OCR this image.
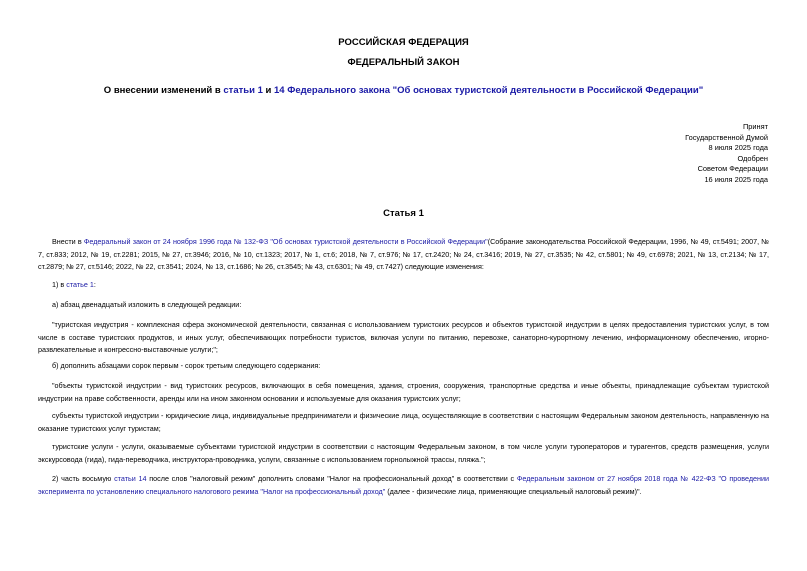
РОССИЙСКАЯ ФЕДЕРАЦИЯ
ФЕДЕРАЛЬНЫЙ ЗАКОН
О внесении изменений в статьи 1 и 14 Федерального закона "Об основах туристской деятельности в Российской Федерации"
Принят
Государственной Думой
8 июля 2025 года
Одобрен
Советом Федерации
16 июля 2025 года
Статья 1
Внести в Федеральный закон от 24 ноября 1996 года № 132-ФЗ "Об основах туристской деятельности в Российской Федерации"(Собрание законодательства Российской Федерации, 1996, № 49, ст.5491; 2007, № 7, ст.833; 2012, № 19, ст.2281; 2015, № 27, ст.3946; 2016, № 10, ст.1323; 2017, № 1, ст.6; 2018, № 7, ст.976; № 17, ст.2420; № 24, ст.3416; 2019, № 27, ст.3535; № 42, ст.5801; № 49, ст.6978; 2021, № 13, ст.2134; № 17, ст.2879; № 27, ст.5146; 2022, № 22, ст.3541; 2024, № 13, ст.1686; № 26, ст.3545; № 43, ст.6301; № 49, ст.7427) следующие изменения:
1) в статье 1:
а) абзац двенадцатый изложить в следующей редакции:
"туристская индустрия - комплексная сфера экономической деятельности, связанная с использованием туристских ресурсов и объектов туристской индустрии в целях предоставления туристских услуг, в том числе в составе туристских продуктов, и иных услуг, обеспечивающих потребности туристов, включая услуги по питанию, перевозке, санаторно-курортному лечению, информационному обеспечению, игорно-развлекательные и конгрессно-выставочные услуги;";
б) дополнить абзацами сорок первым - сорок третьим следующего содержания:
"объекты туристской индустрии - вид туристских ресурсов, включающих в себя помещения, здания, строения, сооружения, транспортные средства и иные объекты, принадлежащие субъектам туристской индустрии на праве собственности, аренды или на ином законном основании и используемые для оказания туристских услуг;
субъекты туристской индустрии - юридические лица, индивидуальные предприниматели и физические лица, осуществляющие в соответствии с настоящим Федеральным законом деятельность, направленную на оказание туристских услуг туристам;
туристские услуги - услуги, оказываемые субъектами туристской индустрии в соответствии с настоящим Федеральным законом, в том числе услуги туроператоров и турагентов, средств размещения, услуги экскурсовода (гида), гида-переводчика, инструктора-проводника, услуги, связанные с использованием горнолыжной трассы, пляжа.";
2) часть восьмую статьи 14 после слов "налоговый режим" дополнить словами "Налог на профессиональный доход" в соответствии с Федеральным законом от 27 ноября 2018 года № 422-ФЗ "О проведении эксперимента по установлению специального налогового режима "Налог на профессиональный доход" (далее - физические лица, применяющие специальный налоговый режим)".
